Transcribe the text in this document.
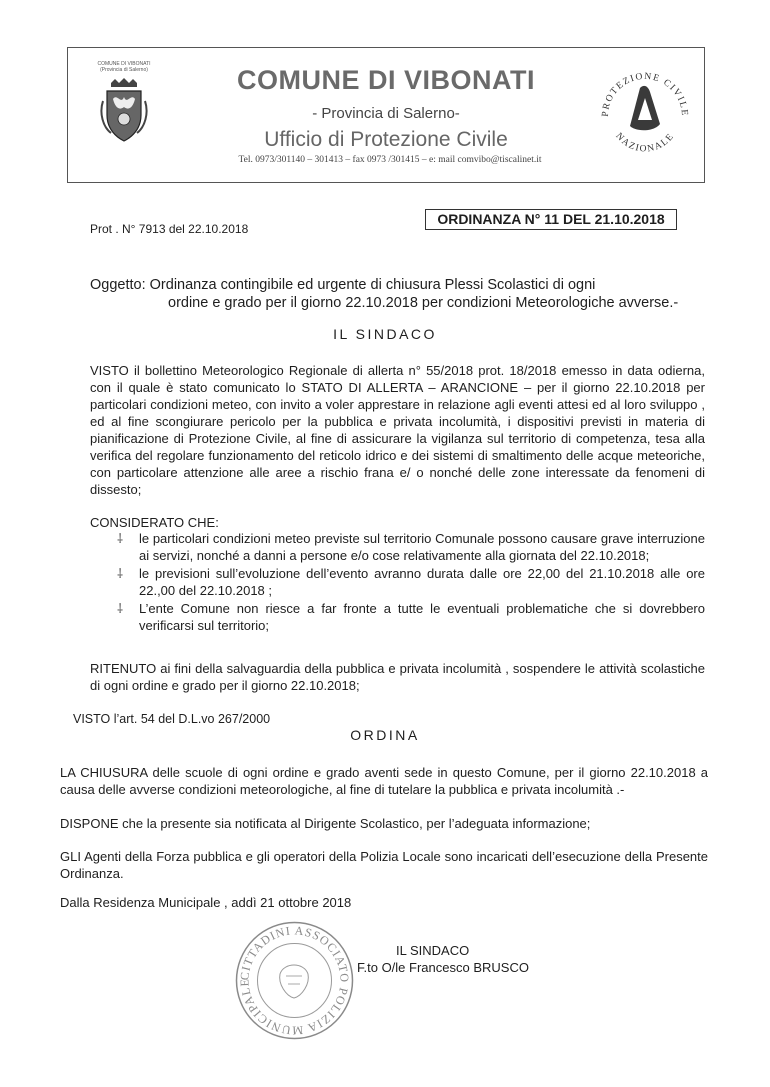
COMUNE DI VIBONATI
(Provincia di Salerno)	COMUNE DI VIBONATI
- Provincia di Salerno-
Ufficio di Protezione Civile
Tel. 0973/301140 – 301413 – fax 0973 /301415 – e: mail comvibo@tiscalinet.it
PROTEZIONE CIVILE
NAZIONALE
Prot . N° 7913 del 22.10.2018
ORDINANZA N° 11 DEL 21.10.2018
Oggetto: Ordinanza contingibile ed urgente di chiusura Plessi Scolastici di ogni
ordine e grado per il giorno 22.10.2018 per condizioni Meteorologiche avverse.-
IL SINDACO
VISTO il bollettino Meteorologico Regionale di allerta n° 55/2018 prot. 18/2018 emesso in data odierna, con il quale è stato comunicato lo STATO DI ALLERTA – ARANCIONE – per il giorno 22.10.2018 per particolari condizioni meteo, con invito a voler apprestare in relazione agli eventi attesi ed al loro sviluppo , ed al fine scongiurare pericolo per la pubblica e privata incolumità, i dispositivi previsti in materia di pianificazione di Protezione Civile, al fine di assicurare la vigilanza sul territorio di competenza, tesa alla verifica del regolare funzionamento del reticolo idrico e dei sistemi di smaltimento delle acque meteoriche, con particolare attenzione alle aree a rischio frana e/ o nonché delle zone interessate da fenomeni di dissesto;
CONSIDERATO CHE:
⸸ le particolari condizioni meteo previste sul territorio Comunale possono causare grave interruzione ai servizi, nonché a danni a persone e/o cose relativamente alla giornata del 22.10.2018;
⸸ le previsioni sull’evoluzione dell’evento avranno durata dalle ore 22,00 del 21.10.2018 alle ore 22.,00 del 22.10.2018 ;
⸸ L’ente Comune non riesce a far fronte a tutte le eventuali problematiche che si dovrebbero verificarsi sul territorio;
RITENUTO ai fini della salvaguardia della pubblica e privata incolumità , sospendere le attività scolastiche di ogni ordine e grado per il giorno 22.10.2018;
VISTO l’art. 54 del D.L.vo 267/2000
ORDINA
LA CHIUSURA delle scuole di ogni ordine e grado aventi sede in questo Comune, per il giorno 22.10.2018 a causa delle avverse condizioni meteorologiche, al fine di tutelare la pubblica e privata incolumità .-
DISPONE che la presente sia notificata al Dirigente Scolastico, per l’adeguata informazione;
GLI Agenti della Forza pubblica e gli operatori della Polizia Locale sono incaricati dell’esecuzione della Presente Ordinanza.
Dalla Residenza Municipale , addì 21 ottobre 2018
CITTADINI ASSOCIATO POLIZIA MUNICIPALE
IL SINDACO
F.to O/le Francesco BRUSCO
